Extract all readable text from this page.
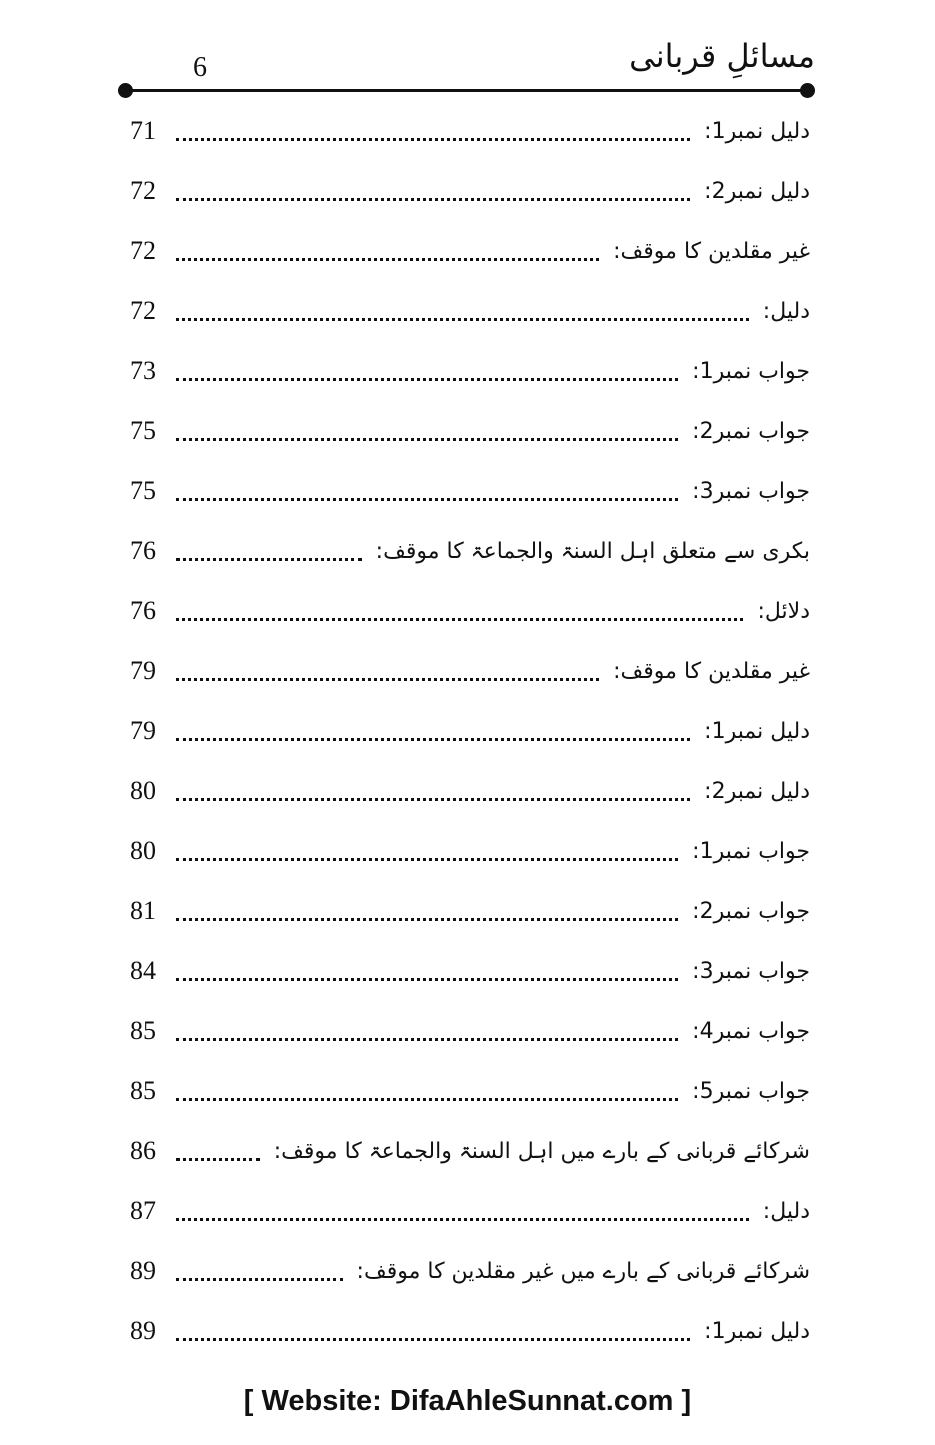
مسائلِ قربانی
6
دلیل نمبر1:
71
دلیل نمبر2:
72
غیر مقلدین کا موقف:
72
دلیل:
72
جواب نمبر1:
73
جواب نمبر2:
75
جواب نمبر3:
75
بکری سے متعلق اہل السنۃ والجماعۃ کا موقف:
76
دلائل:
76
غیر مقلدین کا موقف:
79
دلیل نمبر1:
79
دلیل نمبر2:
80
جواب نمبر1:
80
جواب نمبر2:
81
جواب نمبر3:
84
جواب نمبر4:
85
جواب نمبر5:
85
شرکائے قربانی کے بارے میں اہل السنۃ والجماعۃ کا موقف:
86
دلیل:
87
شرکائے قربانی کے بارے میں غیر مقلدین کا موقف:
89
دلیل نمبر1:
89
[ Website: DifaAhleSunnat.com ]
